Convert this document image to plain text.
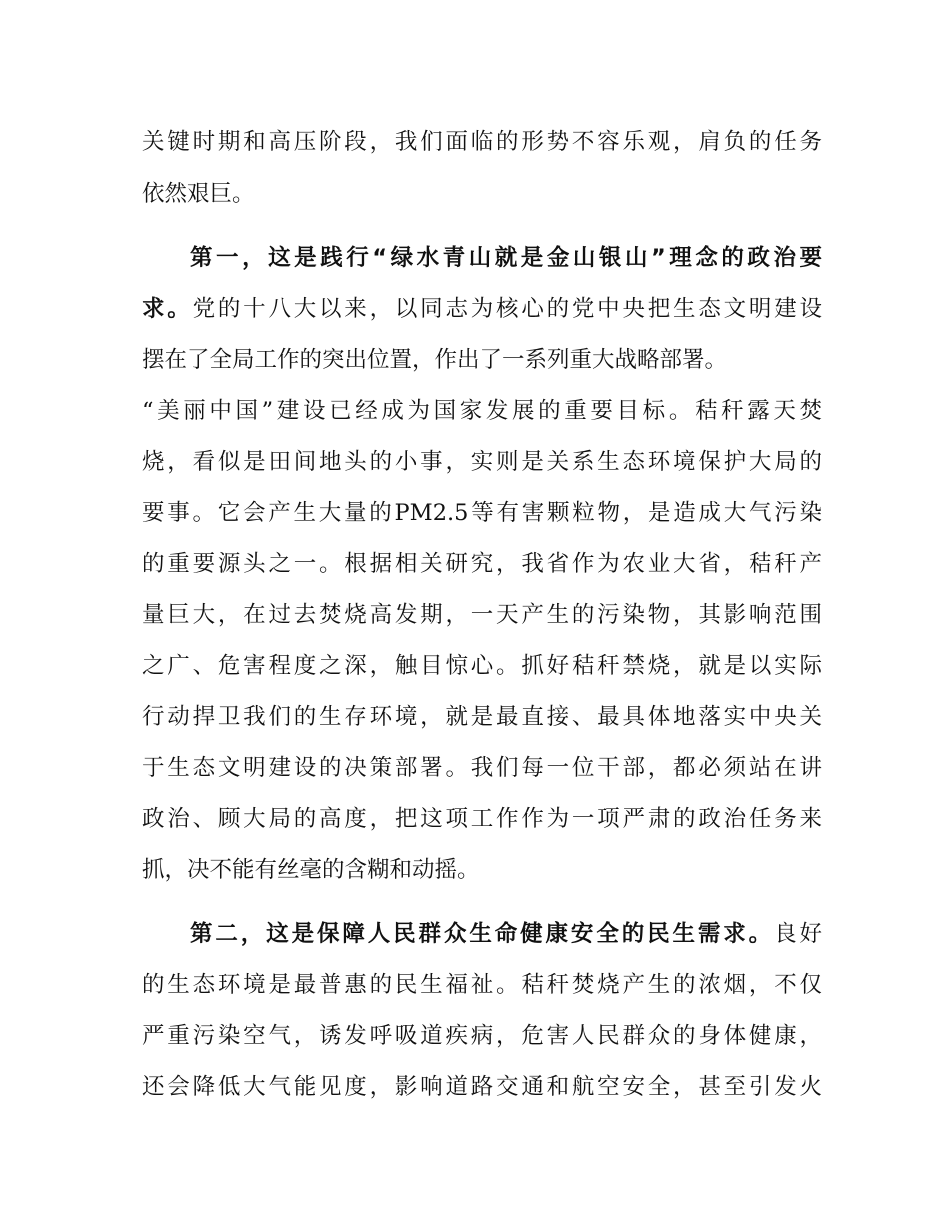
关键时期和高压阶段，我们面临的形势不容乐观，肩负的任务
依然艰巨。
第一，这是践行“绿水青山就是金山银山”理念的政治要
求。党的十八大以来，以同志为核心的党中央把生态文明建设
摆在了全局工作的突出位置，作出了一系列重大战略部署。
“美丽中国”建设已经成为国家发展的重要目标。秸秆露天焚
烧，看似是田间地头的小事，实则是关系生态环境保护大局的
要事。它会产生大量的PM2.5等有害颗粒物，是造成大气污染
的重要源头之一。根据相关研究，我省作为农业大省，秸秆产
量巨大，在过去焚烧高发期，一天产生的污染物，其影响范围
之广、危害程度之深，触目惊心。抓好秸秆禁烧，就是以实际
行动捍卫我们的生存环境，就是最直接、最具体地落实中央关
于生态文明建设的决策部署。我们每一位干部，都必须站在讲
政治、顾大局的高度，把这项工作作为一项严肃的政治任务来
抓，决不能有丝毫的含糊和动摇。
第二，这是保障人民群众生命健康安全的民生需求。良好
的生态环境是最普惠的民生福祉。秸秆焚烧产生的浓烟，不仅
严重污染空气，诱发呼吸道疾病，危害人民群众的身体健康，
还会降低大气能见度，影响道路交通和航空安全，甚至引发火
